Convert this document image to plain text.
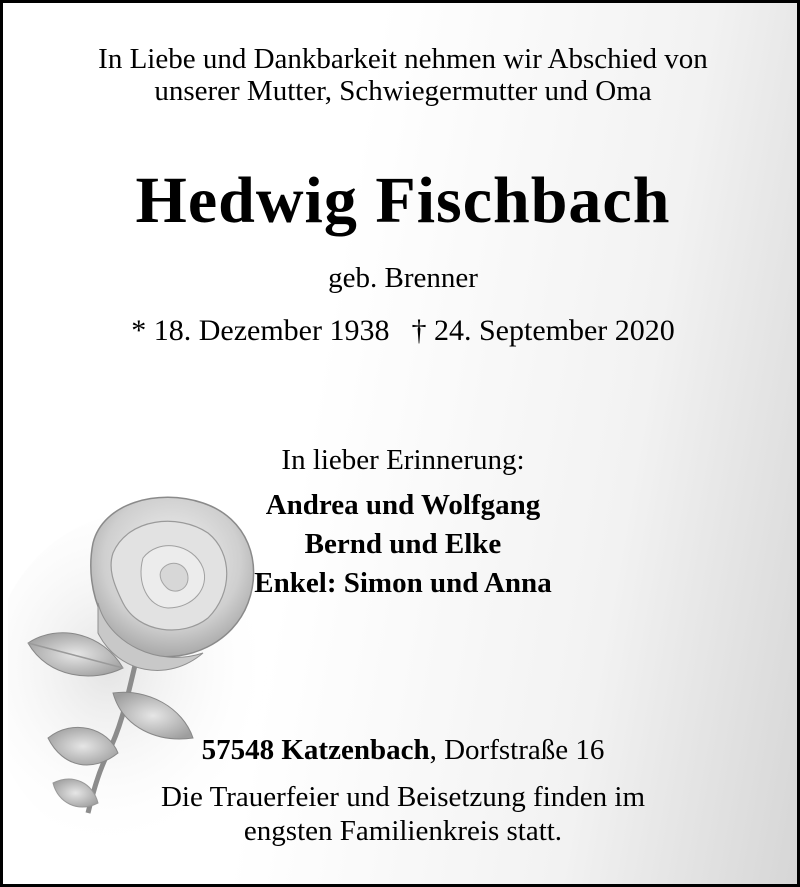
In Liebe und Dankbarkeit nehmen wir Abschied von
unserer Mutter, Schwiegermutter und Oma
Hedwig Fischbach
geb. Brenner
* 18. Dezember 1938 † 24. September 2020
In lieber Erinnerung:
Andrea und Wolfgang
Bernd und Elke
Enkel: Simon und Anna
57548 Katzenbach, Dorfstraße 16
Die Trauerfeier und Beisetzung finden im
engsten Familienkreis statt.
